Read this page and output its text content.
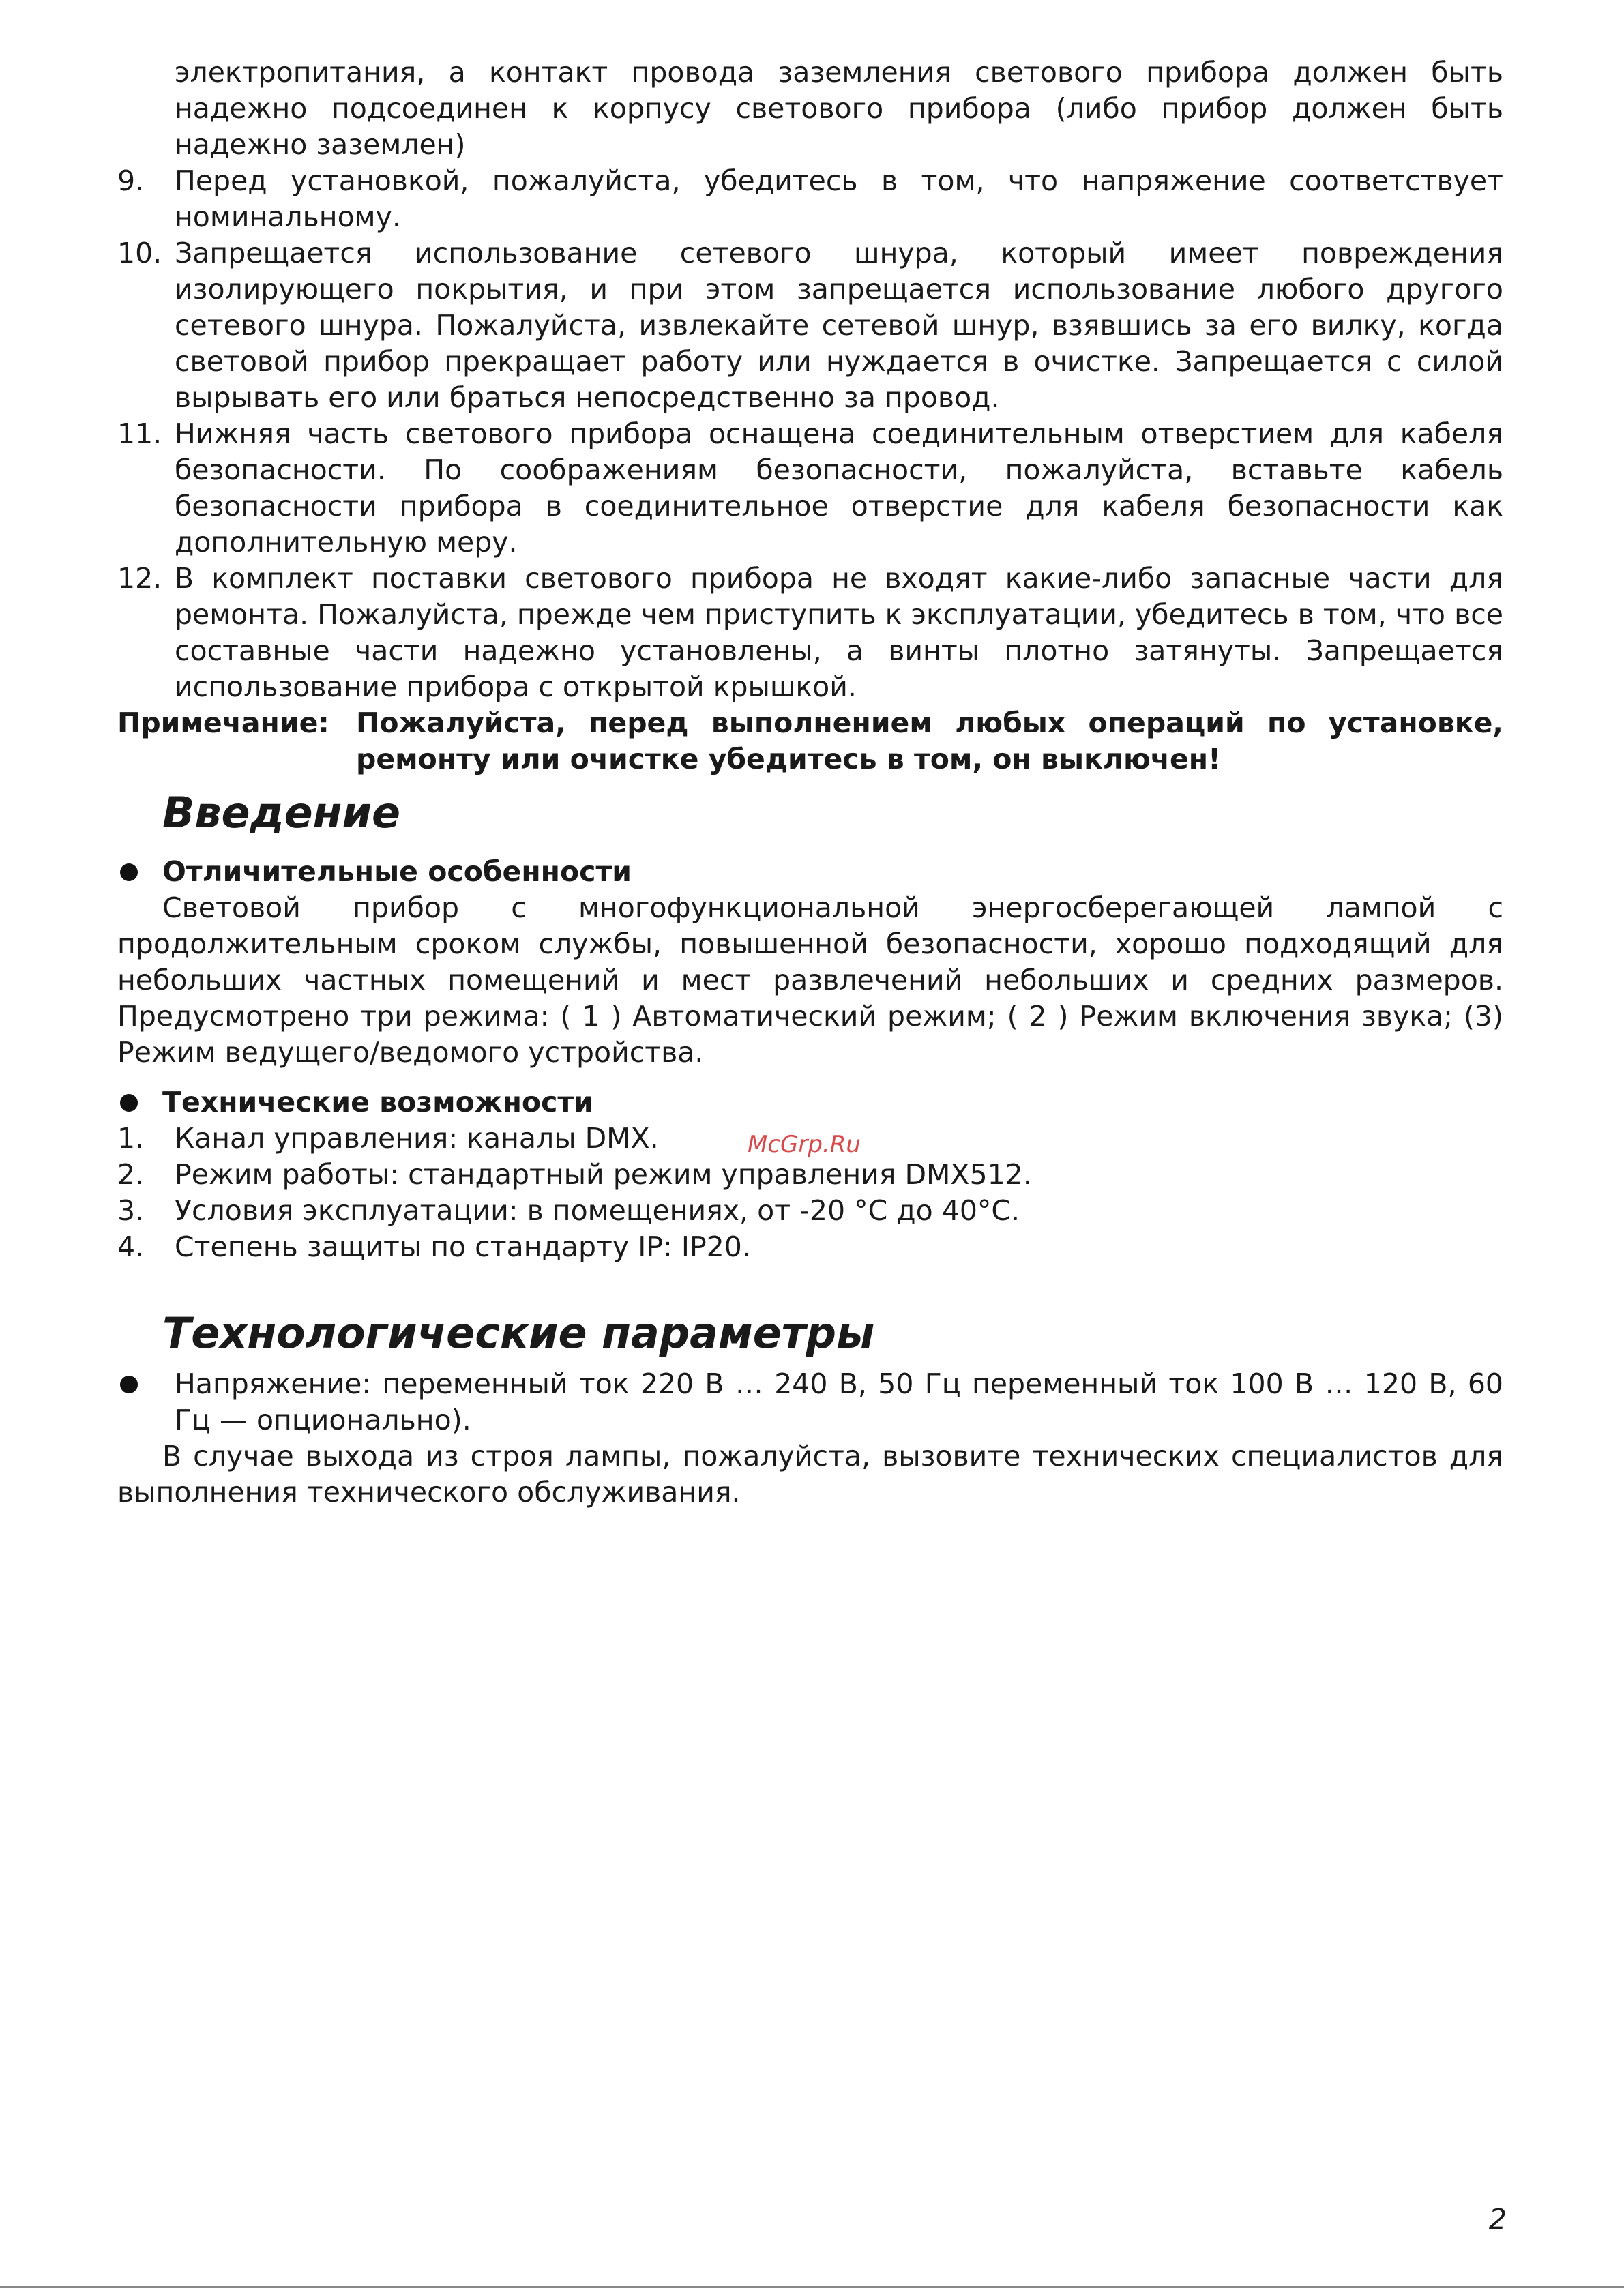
электропитания, а контакт провода заземления светового прибора должен быть надежно подсоединен к корпусу светового прибора (либо прибор должен быть надежно заземлен)

9. Перед установкой, пожалуйста, убедитесь в том, что напряжение соответствует номинальному.
10. Запрещается использование сетевого шнура, который имеет повреждения изолирующего покрытия, и при этом запрещается использование любого другого сетевого шнура. Пожалуйста, извлекайте сетевой шнур, взявшись за его вилку, когда световой прибор прекращает работу или нуждается в очистке. Запрещается с силой вырывать его или браться непосредственно за провод.
11. Нижняя часть светового прибора оснащена соединительным отверстием для кабеля безопасности. По соображениям безопасности, пожалуйста, вставьте кабель безопасности прибора в соединительное отверстие для кабеля безопасности как дополнительную меру.
12. В комплект поставки светового прибора не входят какие-либо запасные части для ремонта. Пожалуйста, прежде чем приступить к эксплуатации, убедитесь в том, что все составные части надежно установлены, а винты плотно затянуты. Запрещается использование прибора с открытой крышкой.
Примечание: Пожалуйста, перед выполнением любых операций по установке, ремонту или очистке убедитесь в том, он выключен!
Введение
Отличительные особенности

Световой прибор с многофункциональной энергосберегающей лампой с продолжительным сроком службы, повышенной безопасности, хорошо подходящий для небольших частных помещений и мест развлечений небольших и средних размеров. Предусмотрено три режима: ( 1 ) Автоматический режим; ( 2 ) Режим включения звука; (3) Режим ведущего/ведомого устройства.

Технические возможности
1. Канал управления: каналы DMX.
2. Режим работы: стандартный режим управления DMX512.
3. Условия эксплуатации: в помещениях, от -20 °С до 40°С.
4. Степень защиты по стандарту IP: IP20.
Технологические параметры
Напряжение: переменный ток 220 В … 240 В, 50 Гц переменный ток 100 В … 120 В, 60 Гц — опционально).

В случае выхода из строя лампы, пожалуйста, вызовите технических специалистов для выполнения технического обслуживания.

McGrp.Ru
2
